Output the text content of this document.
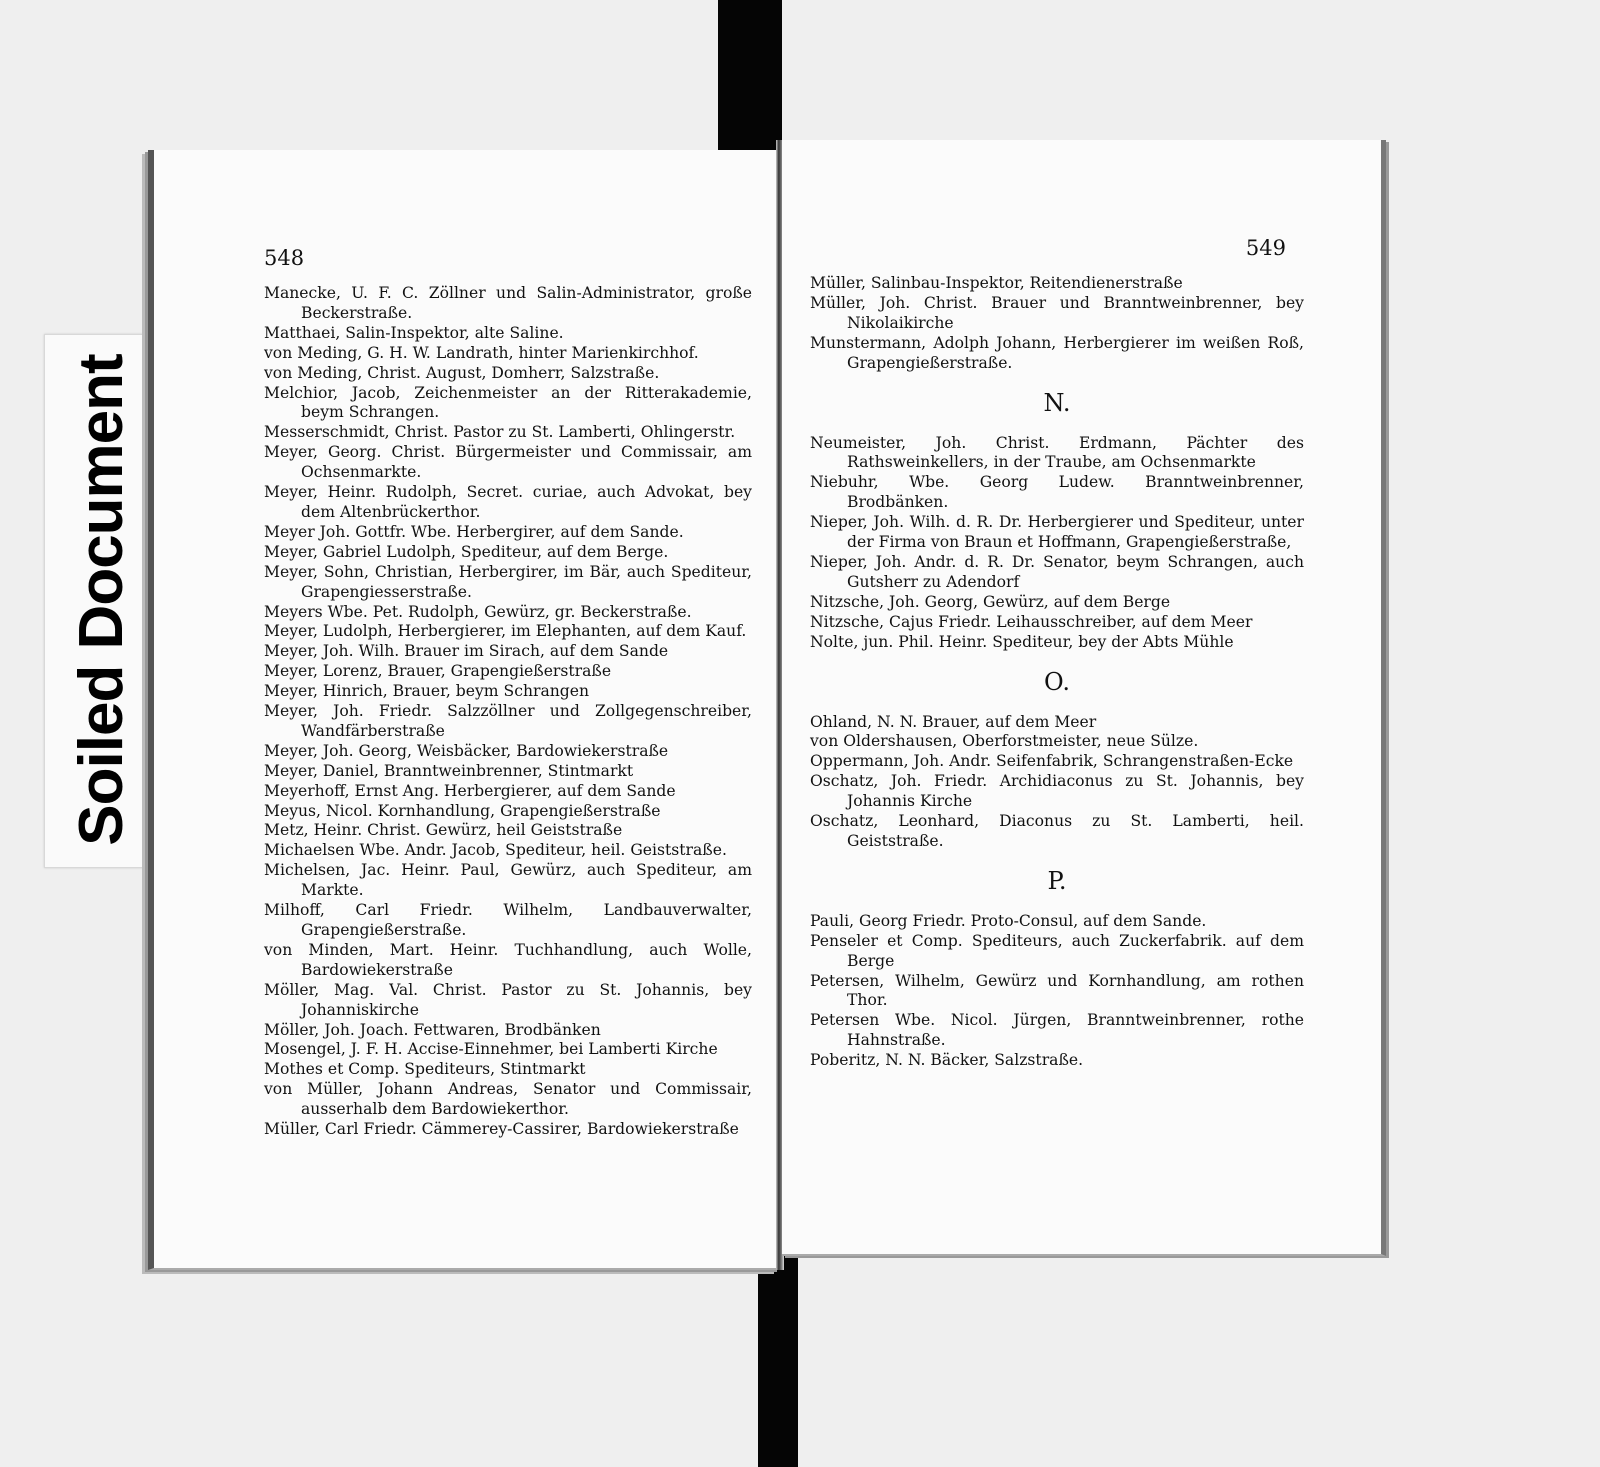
Soiled Document
548
Manecke, U. F. C. Zöllner und Salin-Administrator, große Beckerstraße.
Matthaei, Salin-Inspektor, alte Saline.
von Meding, G. H. W. Landrath, hinter Marienkirchhof.
von Meding, Christ. August, Domherr, Salzstraße.
Melchior, Jacob, Zeichenmeister an der Ritterakademie, beym Schrangen.
Messerschmidt, Christ. Pastor zu St. Lamberti, Ohlingerstr.
Meyer, Georg. Christ. Bürgermeister und Commissair, am Ochsenmarkte.
Meyer, Heinr. Rudolph, Secret. curiae, auch Advokat, bey dem Altenbrückerthor.
Meyer Joh. Gottfr. Wbe. Herbergirer, auf dem Sande.
Meyer, Gabriel Ludolph, Spediteur, auf dem Berge.
Meyer, Sohn, Christian, Herbergirer, im Bär, auch Spediteur, Grapengiesserstraße.
Meyers Wbe. Pet. Rudolph, Gewürz, gr. Beckerstraße.
Meyer, Ludolph, Herbergierer, im Elephanten, auf dem Kauf.
Meyer, Joh. Wilh. Brauer im Sirach, auf dem Sande
Meyer, Lorenz, Brauer, Grapengießerstraße
Meyer, Hinrich, Brauer, beym Schrangen
Meyer, Joh. Friedr. Salzzöllner und Zollgegenschreiber, Wandfärberstraße
Meyer, Joh. Georg, Weisbäcker, Bardowiekerstraße
Meyer, Daniel, Branntweinbrenner, Stintmarkt
Meyerhoff, Ernst Ang. Herbergierer, auf dem Sande
Meyus, Nicol. Kornhandlung, Grapengießerstraße
Metz, Heinr. Christ. Gewürz, heil Geiststraße
Michaelsen Wbe. Andr. Jacob, Spediteur, heil. Geiststraße.
Michelsen, Jac. Heinr. Paul, Gewürz, auch Spediteur, am Markte.
Milhoff, Carl Friedr. Wilhelm, Landbauverwalter, Grapengießerstraße.
von Minden, Mart. Heinr. Tuchhandlung, auch Wolle, Bardowiekerstraße
Möller, Mag. Val. Christ. Pastor zu St. Johannis, bey Johanniskirche
Möller, Joh. Joach. Fettwaren, Brodbänken
Mosengel, J. F. H. Accise-Einnehmer, bei Lamberti Kirche
Mothes et Comp. Spediteurs, Stintmarkt
von Müller, Johann Andreas, Senator und Commissair, ausserhalb dem Bardowiekerthor.
Müller, Carl Friedr. Cämmerey-Cassirer, Bardowiekerstraße
549
Müller, Salinbau-Inspektor, Reitendienerstraße
Müller, Joh. Christ. Brauer und Branntweinbrenner, bey Nikolaikirche
Munstermann, Adolph Johann, Herbergierer im weißen Roß, Grapengießerstraße.
N.
Neumeister, Joh. Christ. Erdmann, Pächter des Rathsweinkellers, in der Traube, am Ochsenmarkte
Niebuhr, Wbe. Georg Ludew. Branntweinbrenner, Brodbänken.
Nieper, Joh. Wilh. d. R. Dr. Herbergierer und Spediteur, unter der Firma von Braun et Hoffmann, Grapengießerstraße,
Nieper, Joh. Andr. d. R. Dr. Senator, beym Schrangen, auch Gutsherr zu Adendorf
Nitzsche, Joh. Georg, Gewürz, auf dem Berge
Nitzsche, Cajus Friedr. Leihausschreiber, auf dem Meer
Nolte, jun. Phil. Heinr. Spediteur, bey der Abts Mühle
O.
Ohland, N. N. Brauer, auf dem Meer
von Oldershausen, Oberforstmeister, neue Sülze.
Oppermann, Joh. Andr. Seifenfabrik, Schrangenstraßen-Ecke
Oschatz, Joh. Friedr. Archidiaconus zu St. Johannis, bey Johannis Kirche
Oschatz, Leonhard, Diaconus zu St. Lamberti, heil. Geiststraße.
P.
Pauli, Georg Friedr. Proto-Consul, auf dem Sande.
Penseler et Comp. Spediteurs, auch Zuckerfabrik. auf dem Berge
Petersen, Wilhelm, Gewürz und Kornhandlung, am rothen Thor.
Petersen Wbe. Nicol. Jürgen, Branntweinbrenner, rothe Hahnstraße.
Poberitz, N. N. Bäcker, Salzstraße.
